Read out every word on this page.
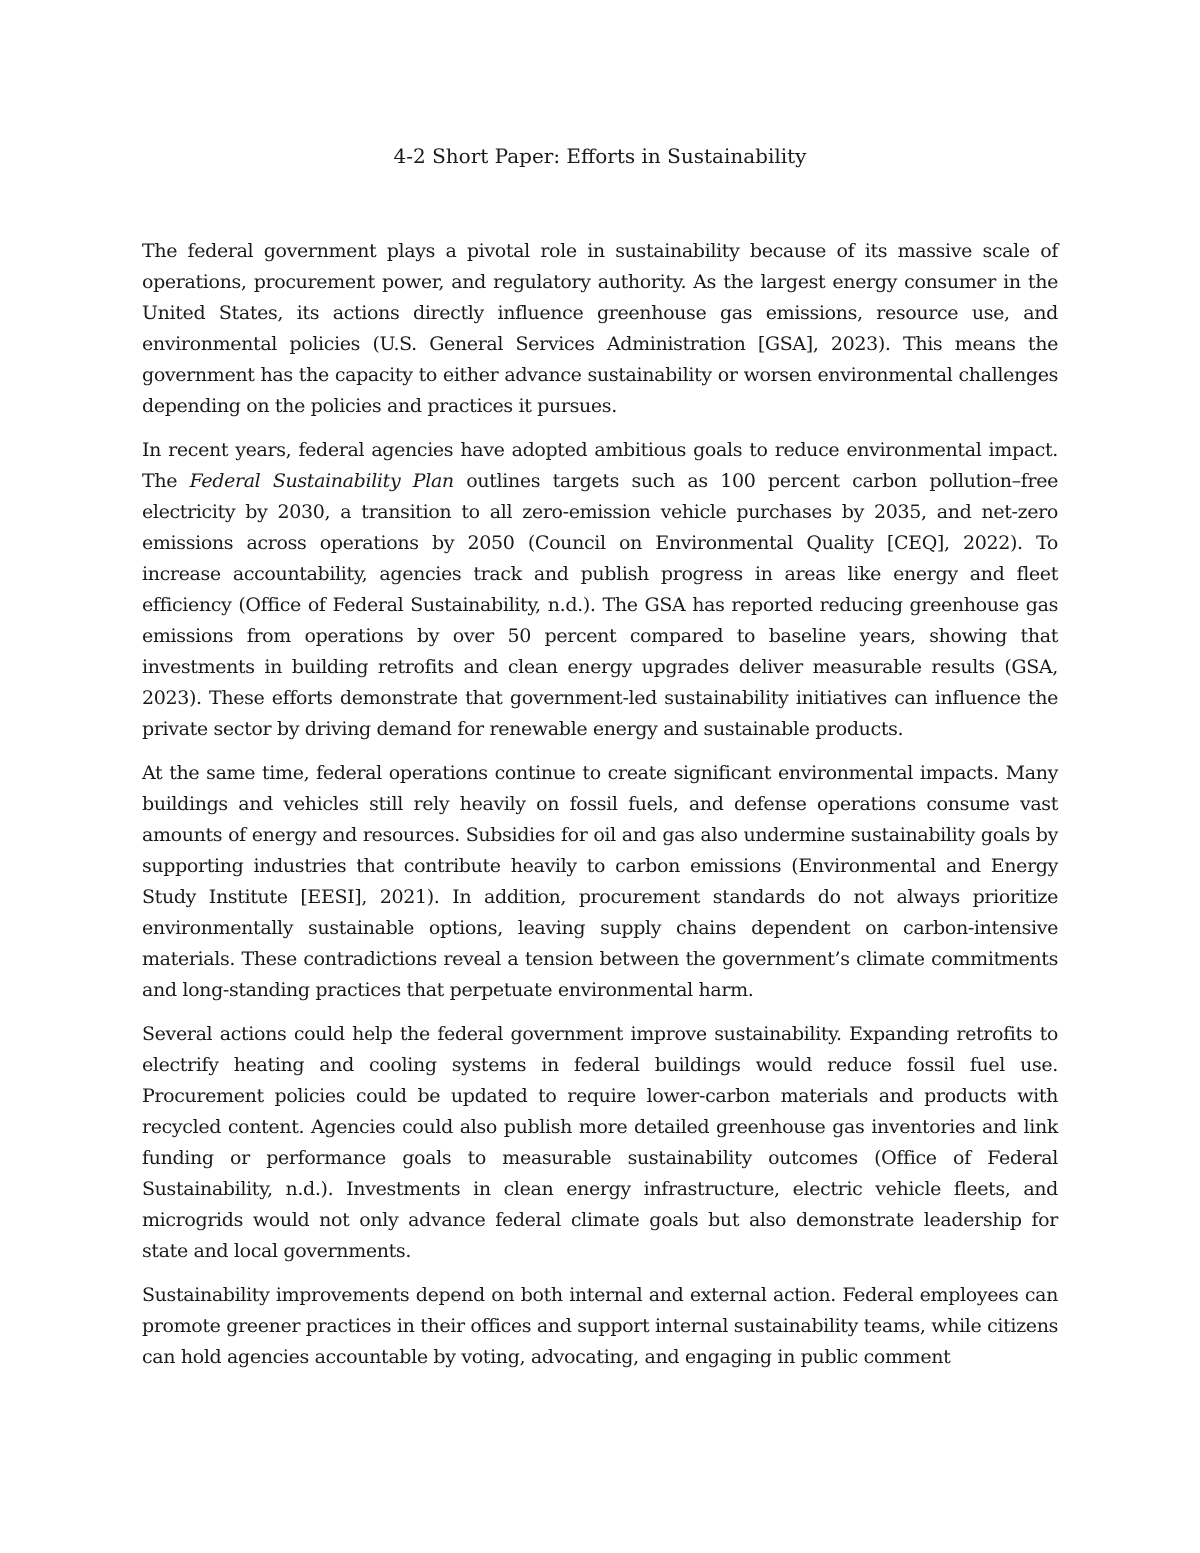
4-2 Short Paper: Efforts in Sustainability

The federal government plays a pivotal role in sustainability because of its massive scale of operations, procurement power, and regulatory authority. As the largest energy consumer in the United States, its actions directly influence greenhouse gas emissions, resource use, and environmental policies (U.S. General Services Administration [GSA], 2023). This means the government has the capacity to either advance sustainability or worsen environmental challenges depending on the policies and practices it pursues.

In recent years, federal agencies have adopted ambitious goals to reduce environmental impact. The Federal Sustainability Plan outlines targets such as 100 percent carbon pollution–free electricity by 2030, a transition to all zero-emission vehicle purchases by 2035, and net-zero emissions across operations by 2050 (Council on Environmental Quality [CEQ], 2022). To increase accountability, agencies track and publish progress in areas like energy and fleet efficiency (Office of Federal Sustainability, n.d.). The GSA has reported reducing greenhouse gas emissions from operations by over 50 percent compared to baseline years, showing that investments in building retrofits and clean energy upgrades deliver measurable results (GSA, 2023). These efforts demonstrate that government-led sustainability initiatives can influence the private sector by driving demand for renewable energy and sustainable products.

At the same time, federal operations continue to create significant environmental impacts. Many buildings and vehicles still rely heavily on fossil fuels, and defense operations consume vast amounts of energy and resources. Subsidies for oil and gas also undermine sustainability goals by supporting industries that contribute heavily to carbon emissions (Environmental and Energy Study Institute [EESI], 2021). In addition, procurement standards do not always prioritize environmentally sustainable options, leaving supply chains dependent on carbon-intensive materials. These contradictions reveal a tension between the government’s climate commitments and long-standing practices that perpetuate environmental harm.

Several actions could help the federal government improve sustainability. Expanding retrofits to electrify heating and cooling systems in federal buildings would reduce fossil fuel use. Procurement policies could be updated to require lower-carbon materials and products with recycled content. Agencies could also publish more detailed greenhouse gas inventories and link funding or performance goals to measurable sustainability outcomes (Office of Federal Sustainability, n.d.). Investments in clean energy infrastructure, electric vehicle fleets, and microgrids would not only advance federal climate goals but also demonstrate leadership for state and local governments.

Sustainability improvements depend on both internal and external action. Federal employees can promote greener practices in their offices and support internal sustainability teams, while citizens can hold agencies accountable by voting, advocating, and engaging in public comment
